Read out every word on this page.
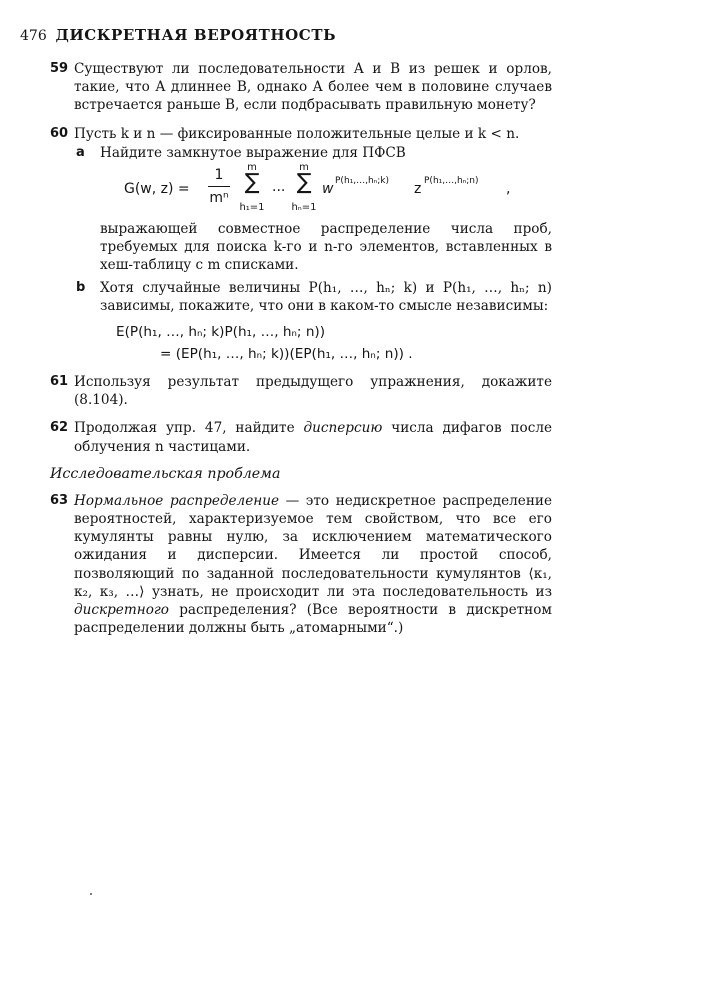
476 ДИСКРЕТНАЯ ВЕРОЯТНОСТЬ
59 Существуют ли последовательности A и B из решек и орлов, такие, что A длиннее B, однако A более чем в половине случаев встречается раньше B, если подбрасывать правильную монету?
60 Пусть k и n — фиксированные положительные целые и k < n.
a Найдите замкнутое выражение для ПФСВ
G(w, z) =
1
mⁿ
m
∑
h₁=1
···
m
∑
hₙ=1
w P(h₁,…,hₙ;k) z P(h₁,…,hₙ;n) ,
выражающей совместное распределение числа проб, требуемых для поиска k-го и n-го элементов, вставленных в хеш-таблицу с m списками.
b Хотя случайные величины P(h₁, …, hₙ; k) и P(h₁, …, hₙ; n) зависимы, покажите, что они в каком-то смысле независимы:
E(P(h₁, …, hₙ; k)P(h₁, …, hₙ; n))
= (EP(h₁, …, hₙ; k))(EP(h₁, …, hₙ; n)) .
61 Используя результат предыдущего упражнения, докажите (8.104).
62 Продолжая упр. 47, найдите дисперсию числа дифагов после облучения n частицами.
Исследовательская проблема
63 Нормальное распределение — это недискретное распределение вероятностей, характеризуемое тем свойством, что все его кумулянты равны нулю, за исключением математического ожидания и дисперсии. Имеется ли простой способ, позволяющий по заданной последовательности кумулянтов ⟨κ₁, κ₂, κ₃, …⟩ узнать, не происходит ли эта последовательность из дискретного распределения? (Все вероятности в дискретном распределении должны быть „атомарными“.)
